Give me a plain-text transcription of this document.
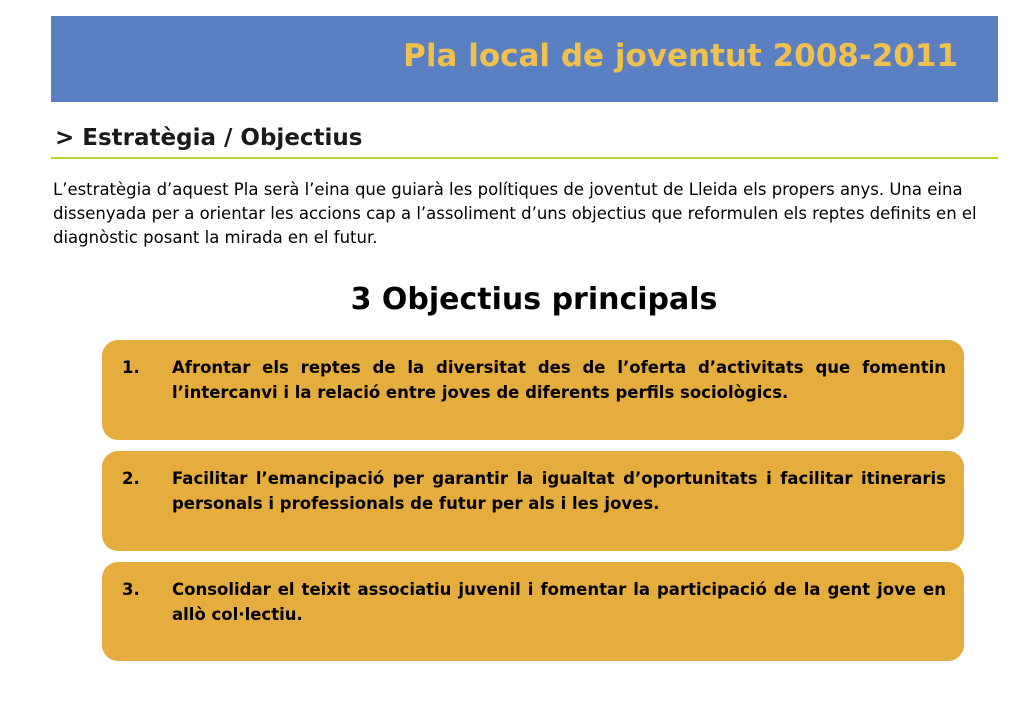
Pla local de joventut 2008-2011
> Estratègia / Objectius
L’estratègia d’aquest Pla serà l’eina que guiarà les polítiques de joventut de Lleida els propers anys. Una eina dissenyada per a orientar les accions cap a l’assoliment d’uns objectius que reformulen els reptes definits en el diagnòstic posant la mirada en el futur.
3 Objectius principals
1.	Afrontar els reptes de la diversitat des de l’oferta d’activitats que fomentin l’intercanvi i la relació entre joves de diferents perfils sociològics.
2.	Facilitar l’emancipació per garantir la igualtat d’oportunitats i facilitar itineraris personals i professionals de futur per als i les joves.
3.	Consolidar el teixit associatiu juvenil i fomentar la participació de la gent jove en allò col·lectiu.
